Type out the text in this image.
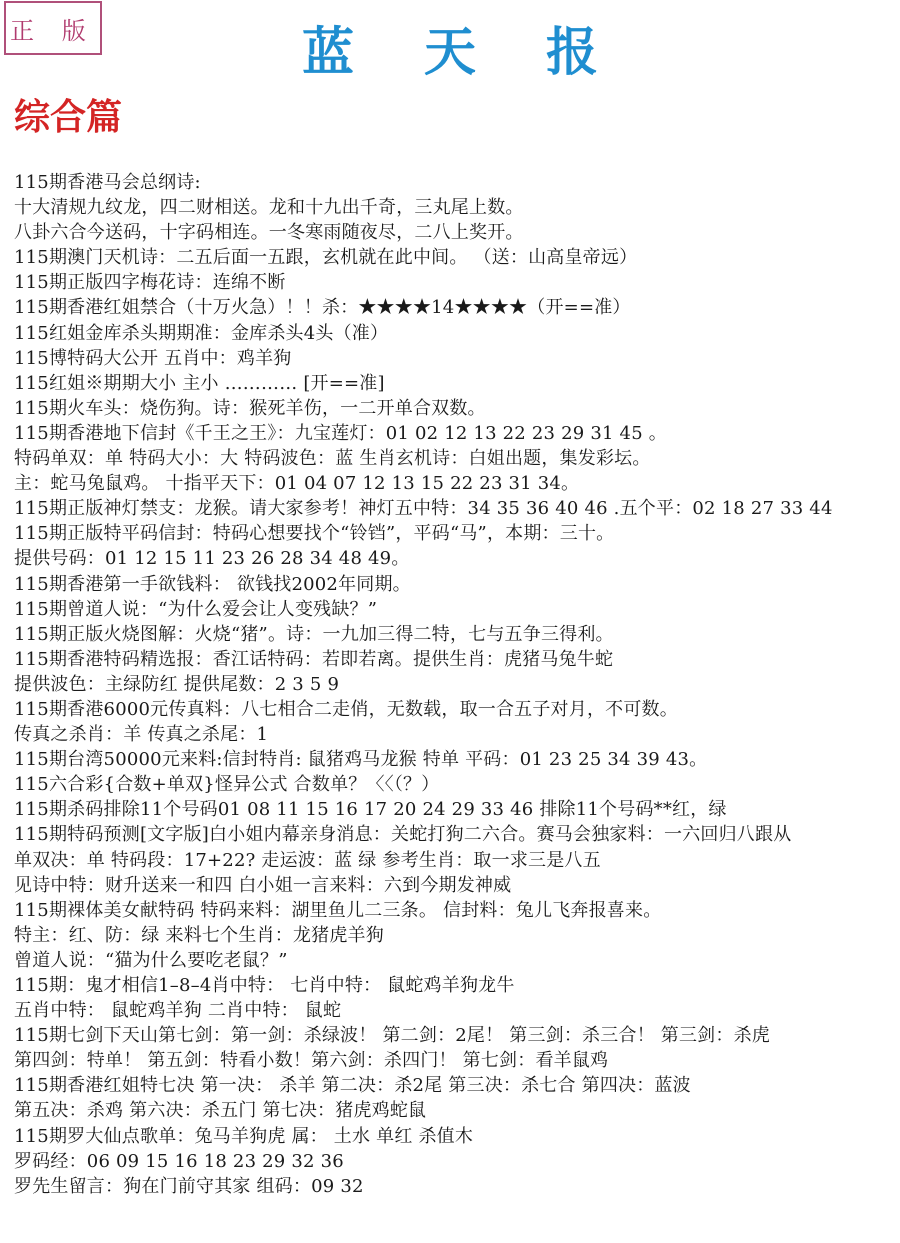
正 版	蓝天报
综合篇
115期香港马会总纲诗:
十大清规九纹龙，四二财相送。龙和十九出千奇，三丸尾上数。
八卦六合今送码，十字码相连。一冬寒雨随夜尽，二八上奖开。
115期澳门天机诗：二五后面一五跟，玄机就在此中间。 （送：山高皇帝远）
115期正版四字梅花诗：连绵不断
115期香港红姐禁合（十万火急）！！杀：★★★★14★★★★（开==准）
115红姐金库杀头期期准：金库杀头4头（准）
115博特码大公开 五肖中：鸡羊狗
115红姐※期期大小 主小 ………… [开==准]
115期火车头：烧伤狗。诗：猴死羊伤，一二开单合双数。
115期香港地下信封《千王之王》：九宝莲灯：01 02 12 13 22 23 29 31 45 。
特码单双：单 特码大小：大 特码波色：蓝 生肖玄机诗：白姐出题，集发彩坛。
主：蛇马兔鼠鸡。 十指平天下：01 04 07 12 13 15 22 23 31 34。
115期正版神灯禁支：龙猴。请大家参考！神灯五中特：34 35 36 40 46 .五个平：02 18 27 33 44
115期正版特平码信封：特码心想要找个“铃铛”，平码“马”，本期：三十。
提供号码：01 12 15 11 23 26 28 34 48 49。
115期香港第一手欲钱料： 欲钱找2002年同期。
115期曾道人说：“为什么爱会让人变残缺？”
115期正版火烧图解：火烧“猪”。诗：一九加三得二特，七与五争三得利。
115期香港特码精选报：香江话特码：若即若离。提供生肖：虎猪马兔牛蛇
提供波色：主绿防红 提供尾数：2 3 5 9
115期香港6000元传真料：八七相合二走俏，无数载，取一合五子对月，不可数。
传真之杀肖：羊 传真之杀尾：1
115期台湾50000元来料:信封特肖: 鼠猪鸡马龙猴 特单 平码：01 23 25 34 39 43。
115六合彩{合数+单双}怪异公式 合数单？〈〈（？）
115期杀码排除11个号码01 08 11 15 16 17 20 24 29 33 46 排除11个号码**红，绿
115期特码预测[文字版]白小姐内幕亲身消息：关蛇打狗二六合。赛马会独家料：一六回归八跟从
单双决：单 特码段：17+22? 走运波：蓝 绿 参考生肖：取一求三是八五
见诗中特：财升送来一和四 白小姐一言来料：六到今期发神威
115期裸体美女献特码 特码来料：湖里鱼儿二三条。 信封料：兔儿飞奔报喜来。
特主：红、防：绿 来料七个生肖：龙猪虎羊狗
曾道人说：“猫为什么要吃老鼠？”
115期：鬼才相信1–8–4肖中特： 七肖中特： 鼠蛇鸡羊狗龙牛
五肖中特： 鼠蛇鸡羊狗 二肖中特： 鼠蛇
115期七剑下天山第七剑：第一剑：杀绿波！ 第二剑：2尾！ 第三剑：杀三合！ 第三剑：杀虎
第四剑：特单！ 第五剑：特看小数！第六剑：杀四门！ 第七剑：看羊鼠鸡
115期香港红姐特七决 第一决： 杀羊 第二决：杀2尾 第三决：杀七合 第四决：蓝波
第五决：杀鸡 第六决：杀五门 第七决：猪虎鸡蛇鼠
115期罗大仙点歌单：兔马羊狗虎 属： 土水 单红 杀值木
罗码经：06 09 15 16 18 23 29 32 36
罗先生留言：狗在门前守其家 组码：09 32
